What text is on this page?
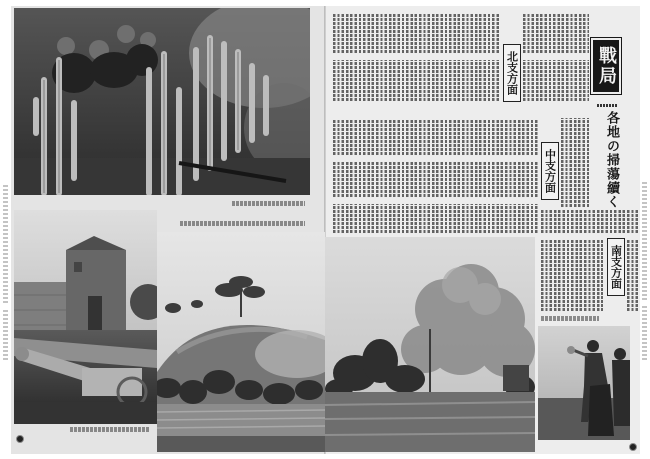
戰局
各地の掃蕩續く
北支方面
中支方面
南支方面
